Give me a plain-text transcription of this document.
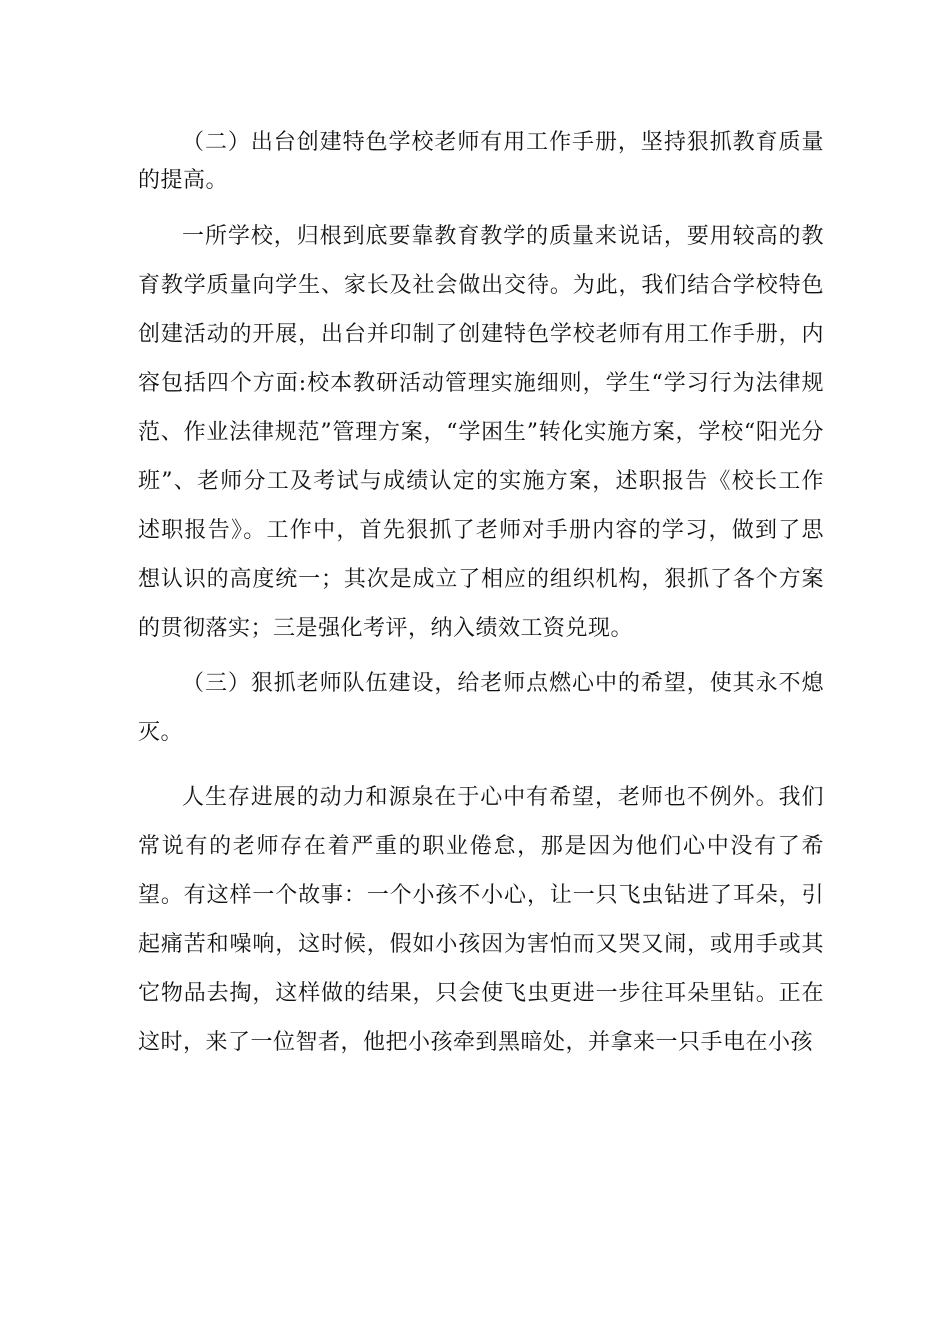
（二）出台创建特色学校老师有用工作手册，坚持狠抓教育质量的提高。

一所学校，归根到底要靠教育教学的质量来说话，要用较高的教育教学质量向学生、家长及社会做出交待。为此，我们结合学校特色创建活动的开展，出台并印制了创建特色学校老师有用工作手册，内容包括四个方面:校本教研活动管理实施细则，学生“学习行为法律规范、作业法律规范”管理方案，“学困生”转化实施方案，学校“阳光分班”、老师分工及考试与成绩认定的实施方案，述职报告《校长工作述职报告》。工作中，首先狠抓了老师对手册内容的学习，做到了思想认识的高度统一；其次是成立了相应的组织机构，狠抓了各个方案的贯彻落实；三是强化考评，纳入绩效工资兑现。

（三）狠抓老师队伍建设，给老师点燃心中的希望，使其永不熄灭。

人生存进展的动力和源泉在于心中有希望，老师也不例外。我们常说有的老师存在着严重的职业倦怠，那是因为他们心中没有了希望。有这样一个故事：一个小孩不小心，让一只飞虫钻进了耳朵，引起痛苦和噪响，这时候，假如小孩因为害怕而又哭又闹，或用手或其它物品去掏，这样做的结果，只会使飞虫更进一步往耳朵里钻。正在这时，来了一位智者，他把小孩牵到黑暗处，并拿来一只手电在小孩
